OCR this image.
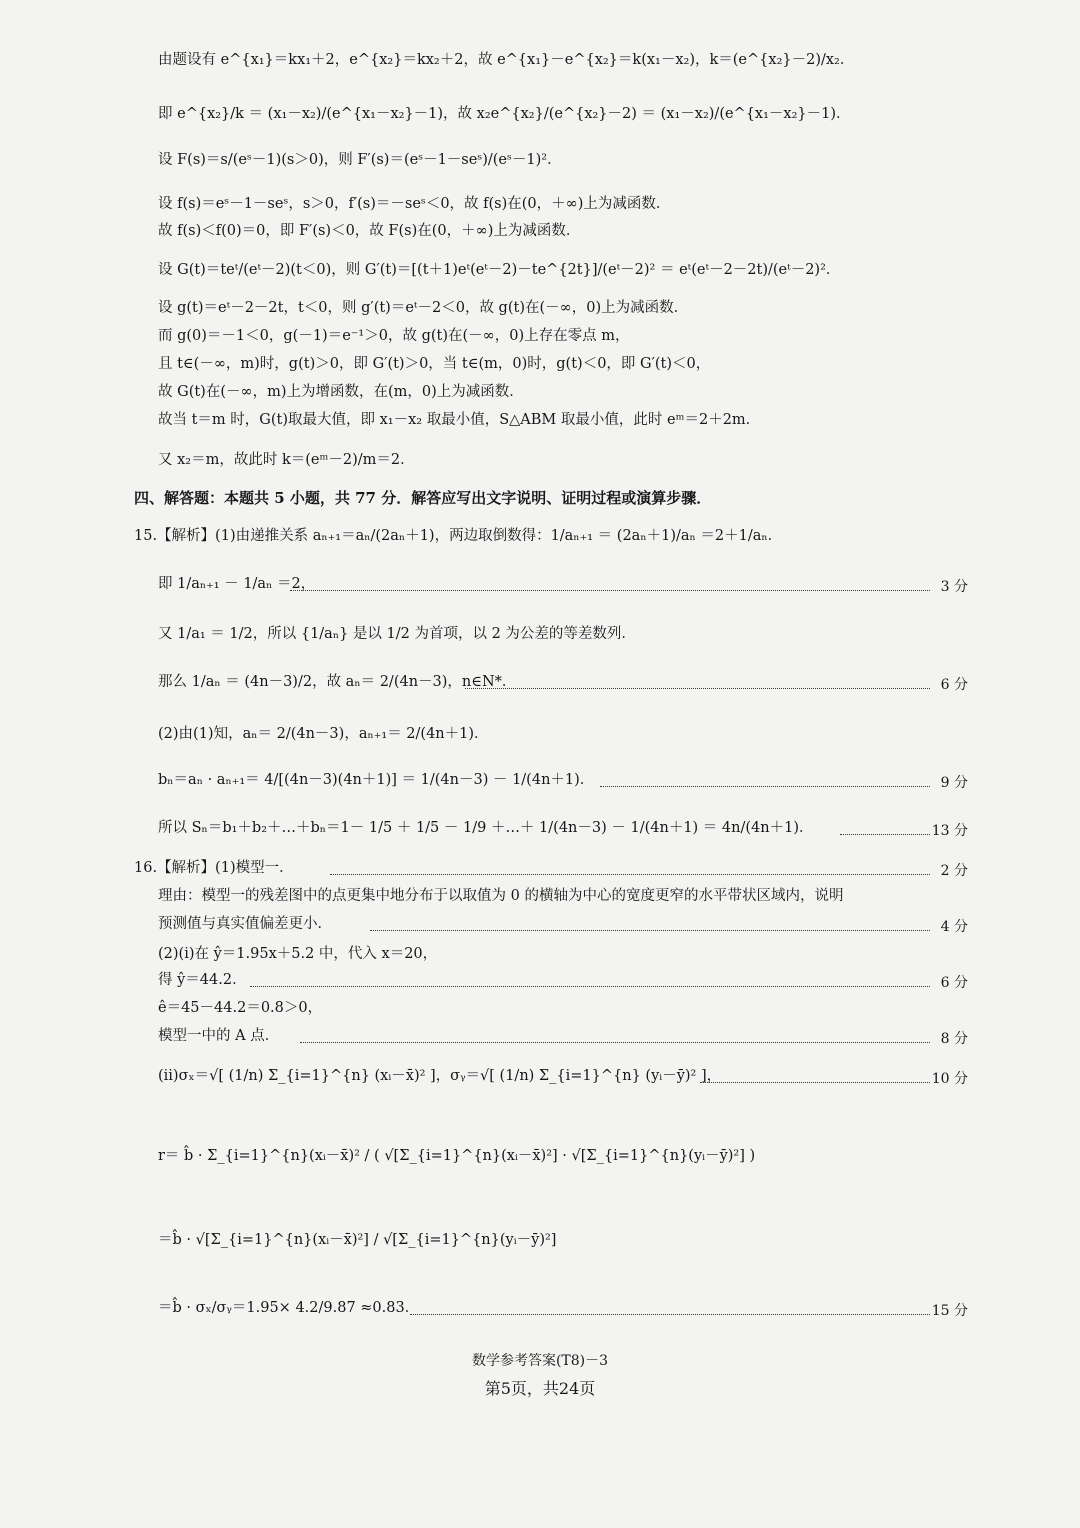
由题设有 e^{x₁}＝kx₁＋2，e^{x₂}＝kx₂＋2，故 e^{x₁}－e^{x₂}＝k(x₁－x₂)，k＝(e^{x₂}－2)/x₂．
即 e^{x₂}/k ＝ (x₁－x₂)/(e^{x₁－x₂}－1)，故 x₂e^{x₂}/(e^{x₂}－2) ＝ (x₁－x₂)/(e^{x₁－x₂}－1)．
设 F(s)＝s/(eˢ－1)(s＞0)，则 F′(s)＝(eˢ－1－seˢ)/(eˢ－1)²．
设 f(s)＝eˢ－1－seˢ，s＞0，f′(s)＝－seˢ＜0，故 f(s)在(0，＋∞)上为减函数．
故 f(s)＜f(0)＝0，即 F′(s)＜0，故 F(s)在(0，＋∞)上为减函数．
设 G(t)＝teᵗ/(eᵗ－2)(t＜0)，则 G′(t)＝[(t＋1)eᵗ(eᵗ－2)－te^{2t}]/(eᵗ－2)² ＝ eᵗ(eᵗ－2－2t)/(eᵗ－2)²．
设 g(t)＝eᵗ－2－2t，t＜0，则 g′(t)＝eᵗ－2＜0，故 g(t)在(－∞，0)上为减函数．
而 g(0)＝－1＜0，g(－1)＝e⁻¹＞0，故 g(t)在(－∞，0)上存在零点 m，
且 t∈(－∞，m)时，g(t)＞0，即 G′(t)＞0，当 t∈(m，0)时，g(t)＜0，即 G′(t)＜0，
故 G(t)在(－∞，m)上为增函数，在(m，0)上为减函数．
故当 t＝m 时，G(t)取最大值，即 x₁－x₂ 取最小值，S△ABM 取最小值，此时 eᵐ＝2＋2m．
又 x₂＝m，故此时 k＝(eᵐ－2)/m＝2．
四、解答题：本题共 5 小题，共 77 分．解答应写出文字说明、证明过程或演算步骤．
15.【解析】(1)由递推关系 aₙ₊₁＝aₙ/(2aₙ＋1)，两边取倒数得：1/aₙ₊₁ ＝ (2aₙ＋1)/aₙ ＝2＋1/aₙ．
即 1/aₙ₊₁ － 1/aₙ ＝2，	3 分
又 1/a₁ ＝ 1/2，所以 {1/aₙ} 是以 1/2 为首项，以 2 为公差的等差数列．
那么 1/aₙ ＝ (4n－3)/2，故 aₙ＝ 2/(4n－3)，n∈N*．	6 分
(2)由(1)知，aₙ＝ 2/(4n－3)，aₙ₊₁＝ 2/(4n＋1)．
bₙ＝aₙ · aₙ₊₁＝ 4/[(4n－3)(4n＋1)] ＝ 1/(4n－3) － 1/(4n＋1)．	9 分
所以 Sₙ＝b₁＋b₂＋…＋bₙ＝1－ 1/5 ＋ 1/5 － 1/9 ＋…＋ 1/(4n－3) － 1/(4n＋1) ＝ 4n/(4n＋1)．	13 分
16.【解析】(1)模型一．	2 分
理由：模型一的残差图中的点更集中地分布于以取值为 0 的横轴为中心的宽度更窄的水平带状区域内，说明
预测值与真实值偏差更小．	4 分
(2)(ⅰ)在 ŷ＝1.95x＋5.2 中，代入 x＝20，
得 ŷ＝44.2．	6 分
ê＝45－44.2＝0.8＞0，
模型一中的 A 点．	8 分
(ⅱ)σₓ＝√[ (1/n) Σ_{i=1}^{n} (xᵢ－x̄)² ]，σᵧ＝√[ (1/n) Σ_{i=1}^{n} (yᵢ－ȳ)² ]，	10 分
r＝ b̂ · Σ_{i=1}^{n}(xᵢ－x̄)² / ( √[Σ_{i=1}^{n}(xᵢ－x̄)²] · √[Σ_{i=1}^{n}(yᵢ－ȳ)²] )
＝b̂ · √[Σ_{i=1}^{n}(xᵢ－x̄)²] / √[Σ_{i=1}^{n}(yᵢ－ȳ)²]
＝b̂ · σₓ/σᵧ＝1.95× 4.2/9.87 ≈0.83．	15 分
数学参考答案(T8)－3
第5页，共24页
